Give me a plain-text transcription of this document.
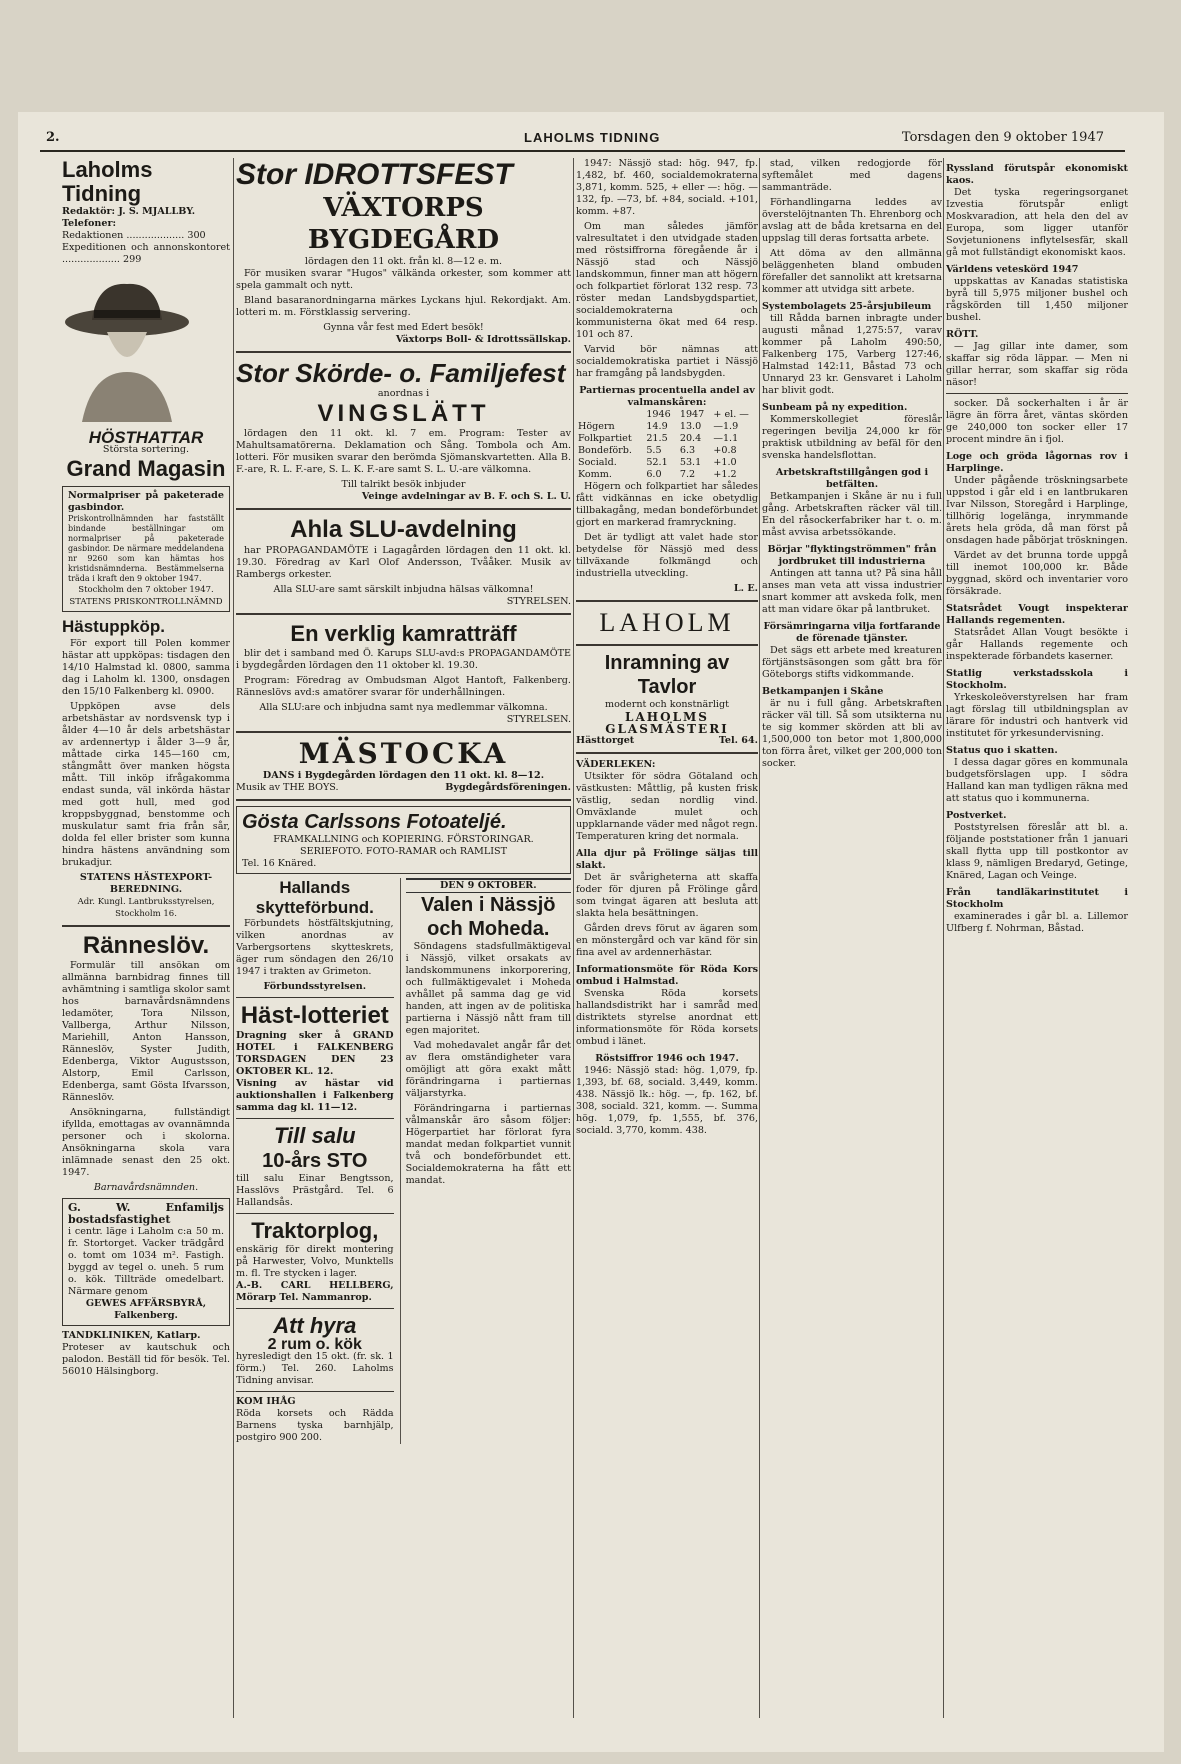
2.	LAHOLMS TIDNING	Torsdagen den 9 oktober 1947
Laholms Tidning
Redaktör: J. S. MJALLBY.
Telefoner:
Redaktionen ................... 300
Expeditionen och annonskontoret ................... 299
HÖSTHATTAR
Största sortering.
Grand Magasin
Normalpriser på paketerade gasbindor.
Priskontrollnämnden har fastställt bindande beställningar om normalpriser på paketerade gasbindor. De närmare meddelandena nr 9260 som kan hämtas hos kristidsnämnderna. Bestämmelserna träda i kraft den 9 oktober 1947.
Stockholm den 7 oktober 1947. STATENS PRISKONTROLLNÄMND
Hästuppköp.

För export till Polen kommer hästar att uppköpas: tisdagen den 14/10 Halmstad kl. 0800, samma dag i Laholm kl. 1300, onsdagen den 15/10 Falkenberg kl. 0900.

Uppköpen avse dels arbetshästar av nordsvensk typ i ålder 4—10 år dels arbetshästar av ardennertyp i ålder 3—9 år, måttade cirka 145—160 cm, stångmått över manken högsta mått. Till inköp ifrågakomma endast sunda, väl inkörda hästar med gott hull, med god kroppsbyggnad, benstomme och muskulatur samt fria från sår, dolda fel eller brister som kunna hindra hästens användning som brukadjur.

STATENS HÄSTEXPORT-BEREDNING.
Adr. Kungl. Lantbruksstyrelsen, Stockholm 16.
Ränneslöv.

Formulär till ansökan om allmänna barnbidrag finnes till avhämtning i samtliga skolor samt hos barnavårdsnämndens ledamöter, Tora Nilsson, Vallberga, Arthur Nilsson, Mariehill, Anton Hansson, Ränneslöv, Syster Judith, Edenberga, Viktor Augustsson, Alstorp, Emil Carlsson, Edenberga, samt Gösta Ifvarsson, Ränneslöv.

Ansökningarna, fullständigt ifyllda, emottagas av ovannämnda personer och i skolorna. Ansökningarna skola vara inlämnade senast den 25 okt. 1947.

Barnavårdsnämnden.
G. W. Enfamiljs bostadsfastighet
i centr. läge i Laholm c:a 50 m. fr. Stortorget. Vacker trädgård o. tomt om 1034 m². Fastigh. byggd av tegel o. uneh. 5 rum o. kök. Tillträde omedelbart. Närmare genom
GEWES AFFÄRSBYRÅ, Falkenberg.
TANDKLINIKEN, Katlarp.
Proteser av kautschuk och palodon. Beställ tid för besök. Tel. 56010 Hälsingborg.
Stor IDROTTSFEST
VÄXTORPS BYGDEGÅRD
lördagen den 11 okt. från kl. 8—12 e. m.

För musiken svarar "Hugos" välkända orkester, som kommer att spela gammalt och nytt.

Bland basaranordningarna märkes Lyckans hjul. Rekordjakt. Am. lotteri m. m. Förstklassig servering.

Gynna vår fest med Edert besök!
Växtorps Boll- & Idrottssällskap.
Stor Skörde- o. Familjefest
anordnas i
VINGSLÄTT

lördagen den 11 okt. kl. 7 em. Program: Tester av Mahultsamatörerna. Deklamation och Sång. Tombola och Am. lotteri. För musiken svarar den berömda Sjömanskvartetten. Alla B. F.-are, R. L. F.-are, S. L. K. F.-are samt S. L. U.-are välkomna.

Till talrikt besök inbjuder
Veinge avdelningar av B. F. och S. L. U.
Ahla SLU-avdelning

har PROPAGANDAMÖTE i Lagagården lördagen den 11 okt. kl. 19.30. Föredrag av Karl Olof Andersson, Tvååker. Musik av Rambergs orkester.

Alla SLU-are samt särskilt inbjudna hälsas välkomna!
STYRELSEN.
En verklig kamratträff

blir det i samband med Ö. Karups SLU-avd:s PROPAGANDAMÖTE i bygdegården lördagen den 11 oktober kl. 19.30.

Program: Föredrag av Ombudsman Algot Hantoft, Falkenberg. Ränneslövs avd:s amatörer svarar för underhållningen.

Alla SLU:are och inbjudna samt nya medlemmar välkomna.
STYRELSEN.
MÄSTOCKA
DANS i Bygdegården lördagen den 11 okt. kl. 8—12.
Musik av THE BOYS.	Bygdegårdsföreningen.
Gösta Carlssons Fotoateljé.
FRAMKALLNING och KOPIERING. FÖRSTORINGAR. SERIEFOTO. FOTO-RAMAR och RAMLIST
Tel. 16 Knäred.
Hallands skytteförbund.

Förbundets höstfältskjutning, vilken anordnas av Varbergsortens skytteskrets, äger rum söndagen den 26/10 1947 i trakten av Grimeton.

Förbundsstyrelsen.
Häst-lotteriet
Dragning sker å GRAND HOTEL i FALKENBERG TORSDAGEN DEN 23 OKTOBER KL. 12.
Visning av hästar vid auktionshallen i Falkenberg samma dag kl. 11—12.
Till salu
10-års STO
till salu Einar Bengtsson, Hasslövs Prästgård. Tel. 6 Hallandsås.
Traktorplog,
enskärig för direkt montering på Harwester, Volvo, Munktells m. fl. Tre stycken i lager.
A.-B. CARL HELLBERG, Mörarp Tel. Nammanrop.
Att hyra
2 rum o. kök
hyresledigt den 15 okt. (fr. sk. 1 förm.) Tel. 260. Laholms Tidning anvisar.
KOM IHÅG
Röda korsets och Rädda Barnens tyska barnhjälp, postgiro 900 200.
DEN 9 OKTOBER.
Valen i Nässjö och Moheda.

Söndagens stadsfullmäktigeval i Nässjö, vilket orsakats av landskommunens inkorporering, och fullmäktigevalet i Moheda avhållet på samma dag ge vid handen, att ingen av de politiska partierna i Nässjö nått fram till egen majoritet.

Vad mohedavalet angår får det av flera omständigheter vara omöjligt att göra exakt mått förändringarna i partiernas väljarstyrka.

Förändringarna i partiernas vålmanskår äro såsom följer: Högerpartiet har förlorat fyra mandat medan folkpartiet vunnit två och bondeförbundet ett. Socialdemokraterna ha fått ett mandat.

1947: Nässjö stad: hög. 947, fp. 1,482, bf. 460, socialdemokraterna 3,871, komm. 525, + eller —: hög. —132, fp. —73, bf. +84, sociald. +101, komm. +87.

Om man således jämför valresultatet i den utvidgade staden med röstsiffrorna föregående år i Nässjö stad och Nässjö landskommun, finner man att högern och folkpartiet förlorat 132 resp. 73 röster medan Landsbygdspartiet, socialdemokraterna och kommunisterna ökat med 64 resp. 101 och 87.

Varvid bör nämnas att socialdemokratiska partiet i Nässjö har framgång på landsbygden.

Partiernas procentuella andel av valmanskåren:
	1946	1947	+ el. —
Högern	14.9	13.0	—1.9
Folkpartiet	21.5	20.4	—1.1
Bondeförb.	5.5	6.3	+0.8
Sociald.	52.1	53.1	+1.0
Komm.	6.0	7.2	+1.2

Högern och folkpartiet har således fått vidkännas en icke obetydlig tillbakagång, medan bondeförbundet gjort en markerad framryckning.

Det är tydligt att valet hade stor betydelse för Nässjö med dess tillväxande folkmängd och industriella utveckling.

L. E.
LAHOLM
Inramning av Tavlor
modernt och konstnärligt
LAHOLMS GLASMÄSTERI
Hästtorget	Tel. 64.
VÄDERLEKEN:

Utsikter för södra Götaland och västkusten: Måttlig, på kusten frisk västlig, sedan nordlig vind. Omväxlande mulet och uppklarnande väder med något regn. Temperaturen kring det normala.

Alla djur på Frölinge säljas till slakt.

Det är svårigheterna att skaffa foder för djuren på Frölinge gård som tvingat ägaren att besluta att slakta hela besättningen.

Gården drevs förut av ägaren som en mönstergård och var känd för sin fina avel av ardennerhästar.

Informationsmöte för Röda Kors ombud i Halmstad.

Svenska Röda korsets hallandsdistrikt har i samråd med distriktets styrelse anordnat ett informationsmöte för Röda korsets ombud i länet.

Röstsiffror 1946 och 1947.

1946: Nässjö stad: hög. 1,079, fp. 1,393, bf. 68, sociald. 3,449, komm. 438. Nässjö lk.: hög. —, fp. 162, bf. 308, sociald. 321, komm. —. Summa hög. 1,079, fp. 1,555, bf. 376, sociald. 3,770, komm. 438.

stad, vilken redogjorde för syftemålet med dagens sammanträde.

Förhandlingarna leddes av överstelöjtnanten Th. Ehrenborg och avslag att de båda kretsarna en del uppslag till deras fortsatta arbete.

Att döma av den allmänna beläggenheten bland ombuden förefaller det sannolikt att kretsarna kommer att utvidga sitt arbete.

Systembolagets 25-årsjubileum

till Rådda barnen inbragte under augusti månad 1,275:57, varav kommer på Laholm 490:50, Falkenberg 175, Varberg 127:46, Halmstad 142:11, Båstad 73 och Unnaryd 23 kr. Gensvaret i Laholm har blivit godt.

Sunbeam på ny expedition.

Kommerskollegiet föreslår regeringen bevilja 24,000 kr för praktisk utbildning av befäl för den svenska handelsflottan.

Arbetskraftstillgången god i betfälten.

Betkampanjen i Skåne är nu i full gång. Arbetskraften räcker väl till. En del råsockerfabriker har t. o. m. måst avvisa arbetssökande.

Börjar "flyktingströmmen" från jordbruket till industrierna

Antingen att tanna ut? På sina håll anses man veta att vissa industrier snart kommer att avskeda folk, men att man vidare ökar på lantbruket.

Försämringarna vilja fortfarande de förenade tjänster.

Det sägs ett arbete med kreaturen förtjänstsäsongen som gått bra för Göteborgs stifts vidkommande.

Betkampanjen i Skåne

är nu i full gång. Arbetskraften räcker väl till. Så som utsikterna nu te sig kommer skörden att bli av 1,500,000 ton betor mot 1,800,000 ton förra året, vilket ger 200,000 ton socker.

Ryssland förutspår ekonomiskt kaos.

Det tyska regeringsorganet Izvestia förutspår enligt Moskvaradion, att hela den del av Europa, som ligger utanför Sovjetunionens inflytelsesfär, skall gå mot fullständigt ekonomiskt kaos.

Världens veteskörd 1947

uppskattas av Kanadas statistiska byrå till 5,975 miljoner bushel och rågskörden till 1,450 miljoner bushel.

RÖTT.

— Jag gillar inte damer, som skaffar sig röda läppar. — Men ni gillar herrar, som skaffar sig röda näsor!

socker. Då sockerhalten i år är lägre än förra året, väntas skörden ge 240,000 ton socker eller 17 procent mindre än i fjol.

Loge och gröda lågornas rov i Harplinge.

Under pågående tröskningsarbete uppstod i går eld i en lantbrukaren Ivar Nilsson, Storegård i Harplinge, tillhörig logelänga, inrymmande årets hela gröda, då man först på onsdagen hade påbörjat tröskningen.

Värdet av det brunna torde uppgå till inemot 100,000 kr. Både byggnad, skörd och inventarier voro försäkrade.

Statsrådet Vougt inspekterar Hallands regementen.

Statsrådet Allan Vougt besökte i går Hallands regemente och inspekterade förbandets kaserner.

Statlig verkstadsskola i Stockholm.

Yrkeskoleöverstyrelsen har fram lagt förslag till utbildningsplan av lärare för industri och hantverk vid institutet för yrkesundervisning.

Status quo i skatten.

I dessa dagar göres en kommunala budgetsförslagen upp. I södra Halland kan man tydligen räkna med att status quo i kommunerna.

Postverket.

Poststyrelsen föreslår att bl. a. följande poststationer från 1 januari skall flytta upp till postkontor av klass 9, nämligen Bredaryd, Getinge, Knäred, Lagan och Veinge.

Från tandläkarinstitutet i Stockholm

examinerades i går bl. a. Lillemor Ulfberg f. Nohrman, Båstad.
